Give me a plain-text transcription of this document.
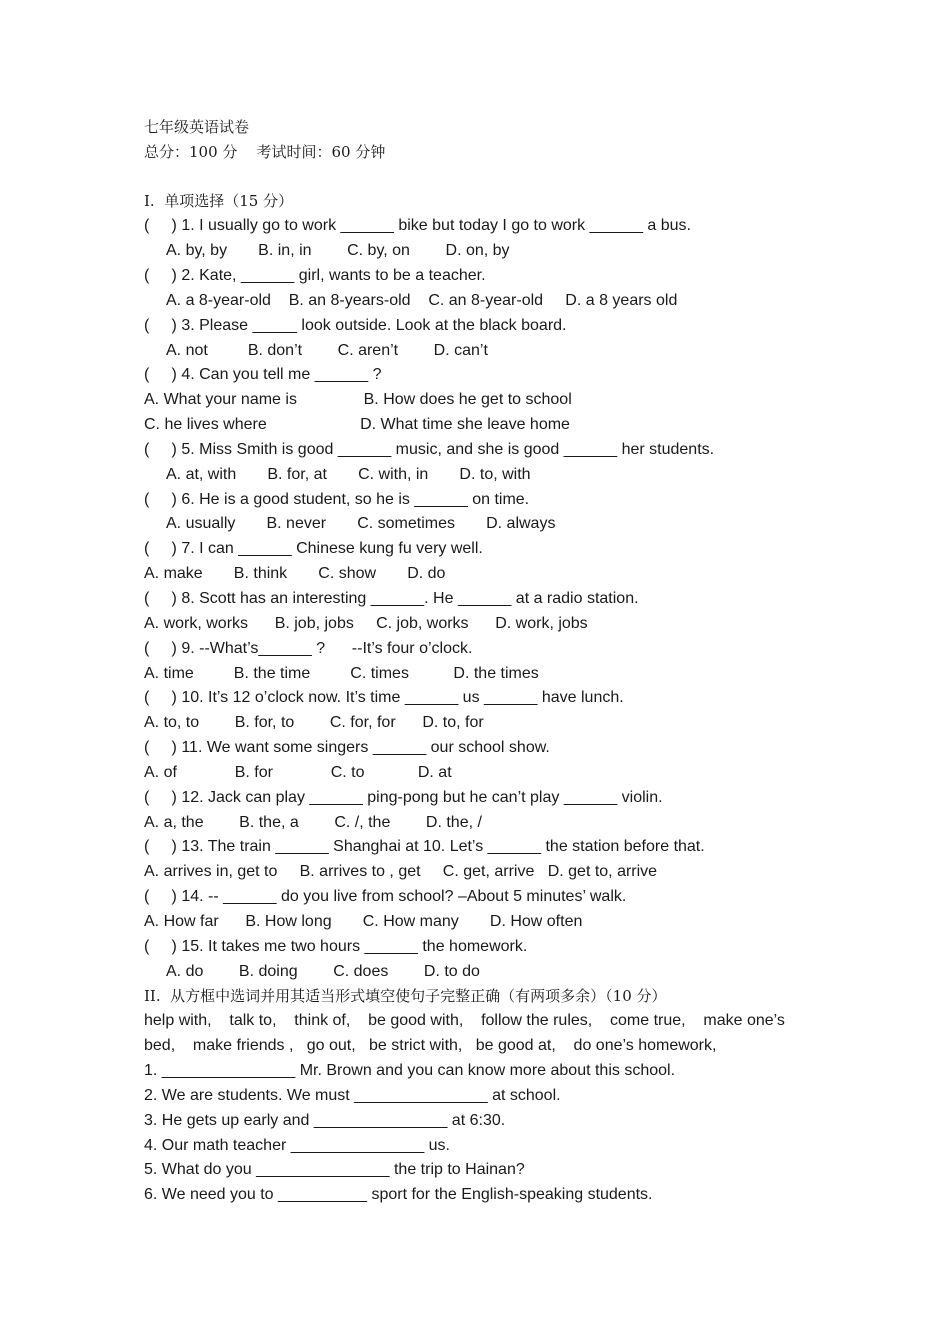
七年级英语试卷
总分：100 分    考试时间：60 分钟
I.  单项选择（15 分）
(     ) 1. I usually go to work ______ bike but today I go to work ______ a bus.
A. by, by       B. in, in        C. by, on        D. on, by
(     ) 2. Kate, ______ girl, wants to be a teacher.
A. a 8-year-old    B. an 8-years-old    C. an 8-year-old     D. a 8 years old
(     ) 3. Please _____ look outside. Look at the black board.
A. not         B. don’t        C. aren’t        D. can’t
(     ) 4. Can you tell me ______ ?
A. What your name is               B. How does he get to school
C. he lives where                     D. What time she leave home
(     ) 5. Miss Smith is good ______ music, and she is good ______ her students.
A. at, with       B. for, at       C. with, in       D. to, with
(     ) 6. He is a good student, so he is ______ on time.
A. usually       B. never       C. sometimes       D. always
(     ) 7. I can ______ Chinese kung fu very well.
A. make       B. think       C. show       D. do
(     ) 8. Scott has an interesting ______. He ______ at a radio station.
A. work, works      B. job, jobs     C. job, works      D. work, jobs
(     ) 9. --What’s______ ?      --It’s four o’clock.
A. time         B. the time         C. times          D. the times
(     ) 10. It’s 12 o’clock now. It’s time ______ us ______ have lunch.
A. to, to        B. for, to        C. for, for      D. to, for
(     ) 11. We want some singers ______ our school show.
A. of             B. for             C. to            D. at
(     ) 12. Jack can play ______ ping-pong but he can’t play ______ violin.
A. a, the        B. the, a        C. /, the        D. the, /
(     ) 13. The train ______ Shanghai at 10. Let’s ______ the station before that.
A. arrives in, get to     B. arrives to , get     C. get, arrive   D. get to, arrive
(     ) 14. -- ______ do you live from school? –About 5 minutes’ walk.
A. How far      B. How long       C. How many       D. How often
(     ) 15. It takes me two hours ______ the homework.
A. do        B. doing        C. does        D. to do
II.  从方框中选词并用其适当形式填空使句子完整正确（有两项多余）（10 分）
help with,    talk to,    think of,    be good with,    follow the rules,    come true,    make one’s
bed,    make friends ,   go out,   be strict with,   be good at,    do one’s homework,
1. _______________ Mr. Brown and you can know more about this school.
2. We are students. We must _______________ at school.
3. He gets up early and _______________ at 6:30.
4. Our math teacher _______________ us.
5. What do you _______________ the trip to Hainan?
6. We need you to __________ sport for the English-speaking students.
